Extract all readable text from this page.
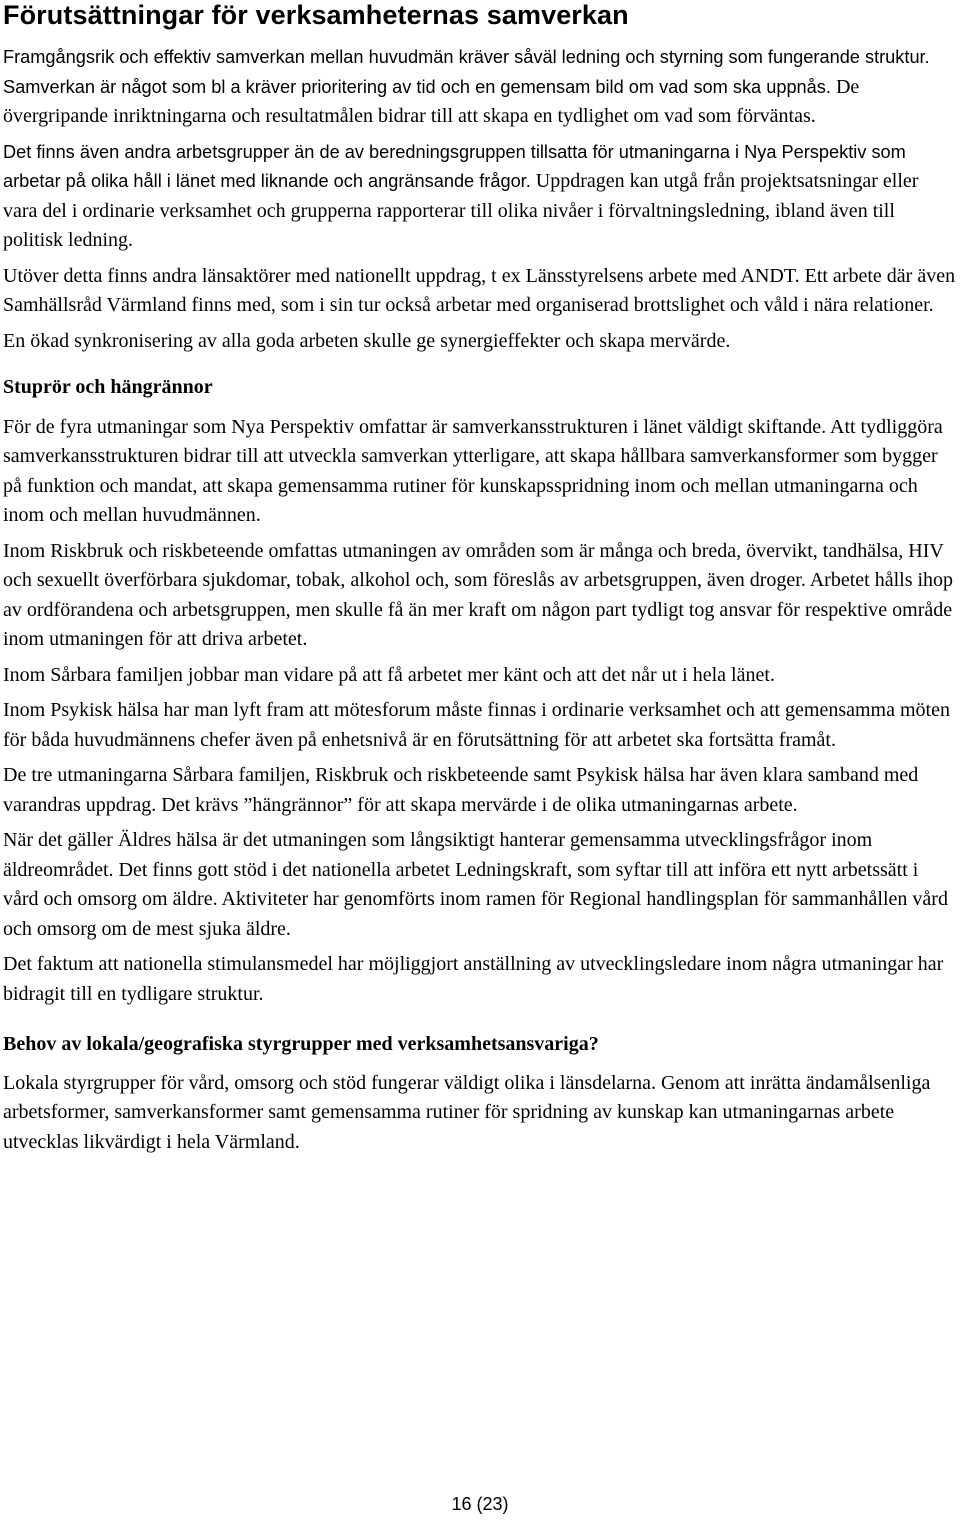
Förutsättningar för verksamheternas samverkan

Framgångsrik och effektiv samverkan mellan huvudmän kräver såväl ledning och styrning som fungerande struktur. Samverkan är något som bl a kräver prioritering av tid och en gemensam bild om vad som ska uppnås. De övergripande inriktningarna och resultatmålen bidrar till att skapa en tydlighet om vad som förväntas.

Det finns även andra arbetsgrupper än de av beredningsgruppen tillsatta för utmaningarna i Nya Perspektiv som arbetar på olika håll i länet med liknande och angränsande frågor. Uppdragen kan utgå från projektsatsningar eller vara del i ordinarie verksamhet och grupperna rapporterar till olika nivåer i förvaltningsledning, ibland även till politisk ledning.

Utöver detta finns andra länsaktörer med nationellt uppdrag, t ex Länsstyrelsens arbete med ANDT. Ett arbete där även Samhällsråd Värmland finns med, som i sin tur också arbetar med organiserad brottslighet och våld i nära relationer.

En ökad synkronisering av alla goda arbeten skulle ge synergieffekter och skapa mervärde.

Stuprör och hängrännor

För de fyra utmaningar som Nya Perspektiv omfattar är samverkansstrukturen i länet väldigt skiftande. Att tydliggöra samverkansstrukturen bidrar till att utveckla samverkan ytterligare, att skapa hållbara samverkansformer som bygger på funktion och mandat, att skapa gemensamma rutiner för kunskapsspridning inom och mellan utmaningarna och inom och mellan huvudmännen.

Inom Riskbruk och riskbeteende omfattas utmaningen av områden som är många och breda, övervikt, tandhälsa, HIV och sexuellt överförbara sjukdomar, tobak, alkohol och, som föreslås av arbetsgruppen, även droger. Arbetet hålls ihop av ordförandena och arbetsgruppen, men skulle få än mer kraft om någon part tydligt tog ansvar för respektive område inom utmaningen för att driva arbetet.

Inom Sårbara familjen jobbar man vidare på att få arbetet mer känt och att det når ut i hela länet.

Inom Psykisk hälsa har man lyft fram att mötesforum måste finnas i ordinarie verksamhet och att gemensamma möten för båda huvudmännens chefer även på enhetsnivå är en förutsättning för att arbetet ska fortsätta framåt.

De tre utmaningarna Sårbara familjen, Riskbruk och riskbeteende samt Psykisk hälsa har även klara samband med varandras uppdrag. Det krävs ”hängrännor” för att skapa mervärde i de olika utmaningarnas arbete.

När det gäller Äldres hälsa är det utmaningen som långsiktigt hanterar gemensamma utvecklingsfrågor inom äldreområdet. Det finns gott stöd i det nationella arbetet Ledningskraft, som syftar till att införa ett nytt arbetssätt i vård och omsorg om äldre. Aktiviteter har genomförts inom ramen för Regional handlingsplan för sammanhållen vård och omsorg om de mest sjuka äldre.

Det faktum att nationella stimulansmedel har möjliggjort anställning av utvecklingsledare inom några utmaningar har bidragit till en tydligare struktur.

Behov av lokala/geografiska styrgrupper med verksamhetsansvariga?

Lokala styrgrupper för vård, omsorg och stöd fungerar väldigt olika i länsdelarna. Genom att inrätta ändamålsenliga arbetsformer, samverkansformer samt gemensamma rutiner för spridning av kunskap kan utmaningarnas arbete utvecklas likvärdigt i hela Värmland.

16 (23)
